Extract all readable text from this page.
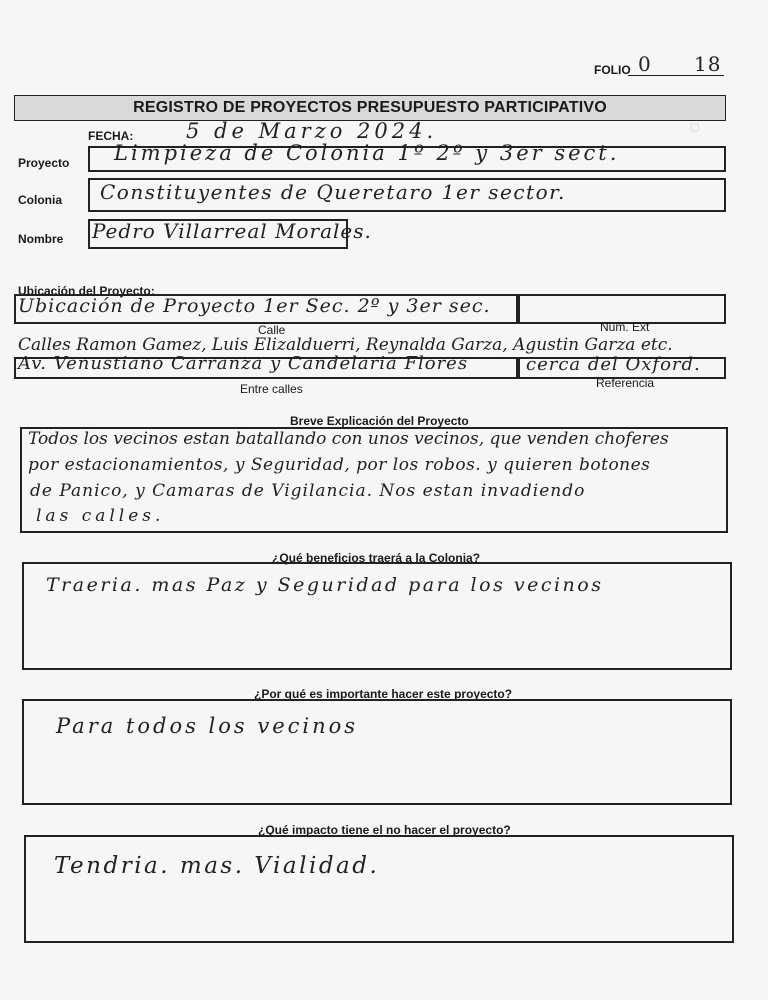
FOLIO 0 18
REGISTRO DE PROYECTOS PRESUPUESTO PARTICIPATIVO
FECHA:	5 de Marzo 2024.
Proyecto Limpieza de Colonia 1º 2º y 3er sect.
Colonia Constituyentes de Queretaro 1er sector.
Nombre Pedro Villarreal Morales.
▢
Ubicación del Proyecto:
Ubicación de Proyecto 1er Sec. 2º y 3er sec.
Calle	Num. Ext
Calles Ramon Gamez, Luis Elizalduerri, Reynalda Garza, Agustin Garza etc.
Av. Venustiano Carranza y Candelaria Flores	cerca del Oxford.
Entre calles	Referencia
Breve Explicación del Proyecto
Todos los vecinos estan batallando con unos vecinos, que venden choferes
por estacionamientos, y Seguridad, por los robos. y quieren botones
de Panico, y Camaras de Vigilancia. Nos estan invadiendo
las calles.
¿Qué beneficios traerá a la Colonia?
Traeria. mas Paz y Seguridad para los vecinos
¿Por qué es importante hacer este proyecto?
Para todos los vecinos
¿Qué impacto tiene el no hacer el proyecto?
Tendria. mas. Vialidad.
